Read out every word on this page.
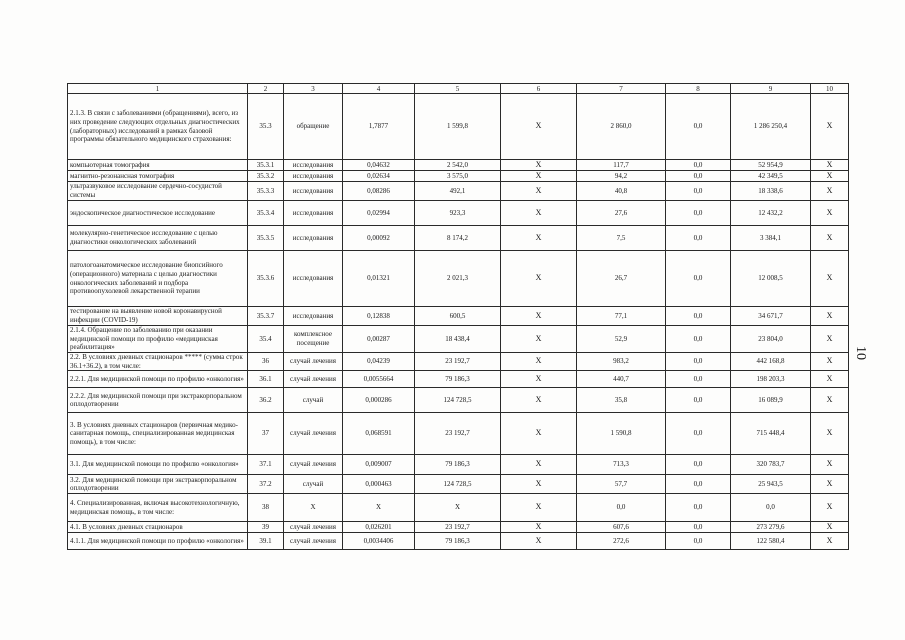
1	2	3	4	5	6	7	8	9	10
2.1.3. В связи с заболеваниями (обращениями), всего, из них проведение следующих отдельных диагностических (лабораторных) исследований в рамках базовой программы обязательного медицинского страхования:	35.3	обращение	1,7877	1 599,8	Х	2 860,0	0,0	1 286 250,4	Х
компьютерная томография	35.3.1	исследования	0,04632	2 542,0	Х	117,7	0,0	52 954,9	Х
магнитно-резонансная томография	35.3.2	исследования	0,02634	3 575,0	Х	94,2	0,0	42 349,5	Х
ультразвуковое исследование сердечно-сосудистой системы	35.3.3	исследования	0,08286	492,1	Х	40,8	0,0	18 338,6	Х
эндоскопическое диагностическое исследование	35.3.4	исследования	0,02994	923,3	Х	27,6	0,0	12 432,2	Х
молекулярно-генетическое исследование с целью диагностики онкологических заболеваний	35.3.5	исследования	0,00092	8 174,2	Х	7,5	0,0	3 384,1	Х
патологоанатомическое исследование биопсийного (операционного) материала с целью диагностики онкологических заболеваний и подбора противоопухолевой лекарственной терапии	35.3.6	исследования	0,01321	2 021,3	Х	26,7	0,0	12 008,5	Х
тестирование на выявление новой коронавирусной инфекции (COVID-19)	35.3.7	исследования	0,12838	600,5	Х	77,1	0,0	34 671,7	Х
2.1.4. Обращение по заболеванию при оказании медицинской помощи по профилю «медицинская реабилитация»	35.4	комплексное посещение	0,00287	18 438,4	Х	52,9	0,0	23 804,0	Х
2.2. В условиях дневных стационаров ***** (сумма строк 36.1+36.2), в том числе:	36	случай лечения	0,04239	23 192,7	Х	983,2	0,0	442 168,8	Х
2.2.1. Для медицинской помощи по профилю «онкология»	36.1	случай лечения	0,0055664	79 186,3	Х	440,7	0,0	198 203,3	Х
2.2.2. Для медицинской помощи при экстракорпоральном оплодотворении	36.2	случай	0,000286	124 728,5	Х	35,8	0,0	16 089,9	Х
3. В условиях дневных стационаров (первичная медико-санитарная помощь, специализированная медицинская помощь), в том числе:	37	случай лечения	0,068591	23 192,7	Х	1 590,8	0,0	715 448,4	Х
3.1. Для медицинской помощи по профилю «онкология»	37.1	случай лечения	0,009007	79 186,3	Х	713,3	0,0	320 783,7	Х
3.2. Для медицинской помощи при экстракорпоральном оплодотворении	37.2	случай	0,000463	124 728,5	Х	57,7	0,0	25 943,5	Х
4. Специализированная, включая высокотехнологичную, медицинская помощь, в том числе:	38	Х	Х	Х	Х	0,0	0,0	0,0	Х
4.1. В условиях дневных стационаров	39	случай лечения	0,026201	23 192,7	Х	607,6	0,0	273 279,6	Х
4.1.1. Для медицинской помощи по профилю «онкология»	39.1	случай лечения	0,0034406	79 186,3	Х	272,6	0,0	122 580,4	Х
10
